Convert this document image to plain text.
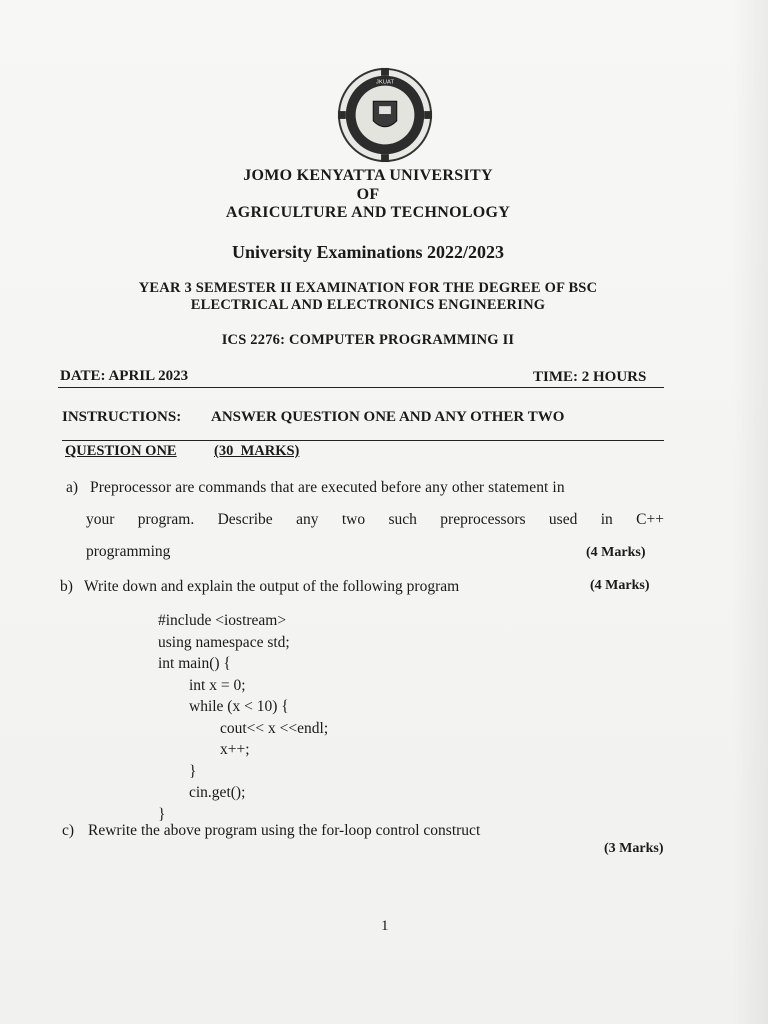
JKUAT
JOMO KENYATTA UNIVERSITY
OF
AGRICULTURE AND TECHNOLOGY
University Examinations 2022/2023
YEAR 3 SEMESTER II EXAMINATION FOR THE DEGREE OF BSC
ELECTRICAL AND ELECTRONICS ENGINEERING
ICS 2276: COMPUTER PROGRAMMING II
DATE: APRIL 2023	TIME: 2 HOURS
INSTRUCTIONS: ANSWER QUESTION ONE AND ANY OTHER TWO
QUESTION ONE	(30  MARKS)
a) Preprocessor are commands that are executed before any other statement in
your program. Describe any two such preprocessors used in C++
programming	(4 Marks)
b) Write down and explain the output of the following program	(4 Marks)
#include <iostream>
using namespace std;
int main() {
int x = 0;
while (x < 10) {
cout<< x <<endl;
x++;
}
cin.get();
}
c) Rewrite the above program using the for-loop control construct
(3 Marks)
1
